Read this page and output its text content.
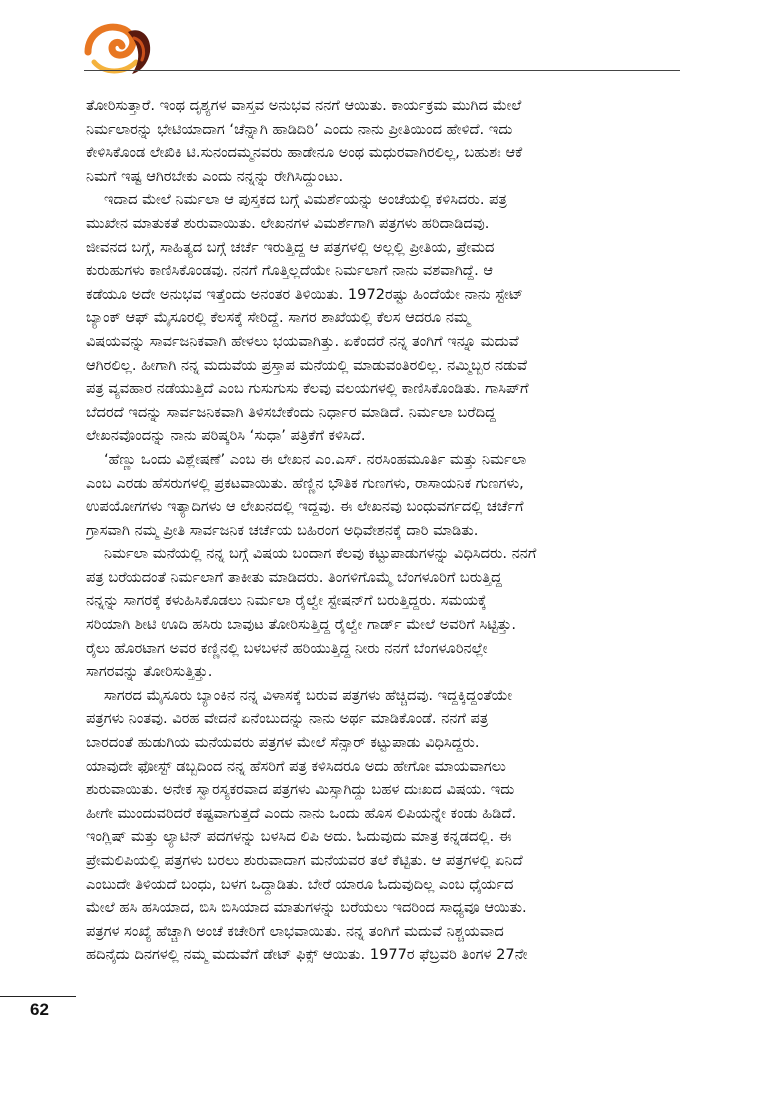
ತೋರಿಸುತ್ತಾರೆ. ಇಂಥ ದೃಶ್ಯಗಳ ವಾಸ್ತವ ಅನುಭವ ನನಗೆ ಆಯಿತು. ಕಾರ್ಯಕ್ರಮ ಮುಗಿದ ಮೇಲೆ
ನಿರ್ಮಲಾರನ್ನು ಭೇಟಿಯಾದಾಗ ‘ಚೆನ್ನಾಗಿ ಹಾಡಿದಿರಿ’ ಎಂದು ನಾನು ಪ್ರೀತಿಯಿಂದ ಹೇಳಿದೆ. ಇದು
ಕೇಳಿಸಿಕೊಂಡ ಲೇಖಿಕಿ ಟಿ.ಸುನಂದಮ್ಮನವರು ಹಾಡೇನೂ ಅಂಥ ಮಧುರವಾಗಿರಲಿಲ್ಲ, ಬಹುಶಃ ಆಕೆ
ನಿಮಗೆ ಇಷ್ಟ ಆಗಿರಬೇಕು ಎಂದು ನನ್ನನ್ನು ರೇಗಿಸಿದ್ದುಂಟು.

ಇದಾದ ಮೇಲೆ ನಿರ್ಮಲಾ ಆ ಪುಸ್ತಕದ ಬಗ್ಗೆ ವಿಮರ್ಶೆಯನ್ನು ಅಂಚೆಯಲ್ಲಿ ಕಳಿಸಿದರು. ಪತ್ರ
ಮುಖೇನ ಮಾತುಕತೆ ಶುರುವಾಯಿತು. ಲೇಖನಗಳ ವಿಮರ್ಶೆಗಾಗಿ ಪತ್ರಗಳು ಹರಿದಾಡಿದವು.
ಜೀವನದ ಬಗ್ಗೆ, ಸಾಹಿತ್ಯದ ಬಗ್ಗೆ ಚರ್ಚೆ ಇರುತ್ತಿದ್ದ ಆ ಪತ್ರಗಳಲ್ಲಿ ಅಲ್ಲಲ್ಲಿ ಪ್ರೀತಿಯ, ಪ್ರೇಮದ
ಕುರುಹುಗಳು ಕಾಣಿಸಿಕೊಂಡವು. ನನಗೆ ಗೊತ್ತಿಲ್ಲದೆಯೇ ನಿರ್ಮಲಾಗೆ ನಾನು ವಶವಾಗಿದ್ದೆ. ಆ
ಕಡೆಯೂ ಅದೇ ಅನುಭವ ಇತ್ತೆಂದು ಅನಂತರ ತಿಳಿಯಿತು. 1972ರಷ್ಟು ಹಿಂದೆಯೇ ನಾನು ಸ್ಟೇಟ್
ಬ್ಯಾಂಕ್ ಆಫ್ ಮೈಸೂರಲ್ಲಿ ಕೆಲಸಕ್ಕೆ ಸೇರಿದ್ದೆ. ಸಾಗರ ಶಾಖೆಯಲ್ಲಿ ಕೆಲಸ ಆದರೂ ನಮ್ಮ
ವಿಷಯವನ್ನು ಸಾರ್ವಜನಿಕವಾಗಿ ಹೇಳಲು ಭಯವಾಗಿತ್ತು. ಏಕೆಂದರೆ ನನ್ನ ತಂಗಿಗೆ ಇನ್ನೂ ಮದುವೆ
ಆಗಿರಲಿಲ್ಲ. ಹೀಗಾಗಿ ನನ್ನ ಮದುವೆಯ ಪ್ರಸ್ತಾಪ ಮನೆಯಲ್ಲಿ ಮಾಡುವಂತಿರಲಿಲ್ಲ. ನಮ್ಮಿಬ್ಬರ ನಡುವೆ
ಪತ್ರ ವ್ಯವಹಾರ ನಡೆಯುತ್ತಿದೆ ಎಂಬ ಗುಸುಗುಸು ಕೆಲವು ವಲಯಗಳಲ್ಲಿ ಕಾಣಿಸಿಕೊಂಡಿತು. ಗಾಸಿಪ್‌ಗೆ
ಬೆದರದೆ ಇದನ್ನು ಸಾರ್ವಜನಿಕವಾಗಿ ತಿಳಿಸಬೇಕೆಂದು ನಿರ್ಧಾರ ಮಾಡಿದೆ. ನಿರ್ಮಲಾ ಬರೆದಿದ್ದ
ಲೇಖನವೊಂದನ್ನು ನಾನು ಪರಿಷ್ಕರಿಸಿ ‘ಸುಧಾ’ ಪತ್ರಿಕೆಗೆ ಕಳಿಸಿದೆ.

‘ಹೆಣ್ಣು ಒಂದು ವಿಶ್ಲೇಷಣೆ’ ಎಂಬ ಈ ಲೇಖನ ಎಂ.ಎಸ್. ನರಸಿಂಹಮೂರ್ತಿ ಮತ್ತು ನಿರ್ಮಲಾ
ಎಂಬ ಎರಡು ಹೆಸರುಗಳಲ್ಲಿ ಪ್ರಕಟವಾಯಿತು. ಹೆಣ್ಣಿನ ಭೌತಿಕ ಗುಣಗಳು, ರಾಸಾಯನಿಕ ಗುಣಗಳು,
ಉಪಯೋಗಗಳು ಇತ್ಯಾದಿಗಳು ಆ ಲೇಖನದಲ್ಲಿ ಇದ್ದವು. ಈ ಲೇಖನವು ಬಂಧುವರ್ಗದಲ್ಲಿ ಚರ್ಚೆಗೆ
ಗ್ರಾಸವಾಗಿ ನಮ್ಮ ಪ್ರೀತಿ ಸಾರ್ವಜನಿಕ ಚರ್ಚೆಯ ಬಹಿರಂಗ ಅಧಿವೇಶನಕ್ಕೆ ದಾರಿ ಮಾಡಿತು.

ನಿರ್ಮಲಾ ಮನೆಯಲ್ಲಿ ನನ್ನ ಬಗ್ಗೆ ವಿಷಯ ಬಂದಾಗ ಕೆಲವು ಕಟ್ಟುಪಾಡುಗಳನ್ನು ವಿಧಿಸಿದರು. ನನಗೆ
ಪತ್ರ ಬರೆಯದಂತೆ ನಿರ್ಮಲಾಗೆ ತಾಕೀತು ಮಾಡಿದರು. ತಿಂಗಳಿಗೊಮ್ಮೆ ಬೆಂಗಳೂರಿಗೆ ಬರುತ್ತಿದ್ದ
ನನ್ನನ್ನು ಸಾಗರಕ್ಕೆ ಕಳುಹಿಸಿಕೊಡಲು ನಿರ್ಮಲಾ ರೈಲ್ವೇ ಸ್ಟೇಷನ್‌ಗೆ ಬರುತ್ತಿದ್ದರು. ಸಮಯಕ್ಕೆ
ಸರಿಯಾಗಿ ಶೀಟಿ ಊದಿ ಹಸಿರು ಬಾವುಟ ತೋರಿಸುತ್ತಿದ್ದ ರೈಲ್ವೇ ಗಾರ್ಡ್ ಮೇಲೆ ಅವರಿಗೆ ಸಿಟ್ಟಿತ್ತು.
ರೈಲು ಹೊರಟಾಗ ಅವರ ಕಣ್ಣಿನಲ್ಲಿ ಬಳಬಳನೆ ಹರಿಯುತ್ತಿದ್ದ ನೀರು ನನಗೆ ಬೆಂಗಳೂರಿನಲ್ಲೇ
ಸಾಗರವನ್ನು ತೋರಿಸುತ್ತಿತ್ತು.

ಸಾಗರದ ಮೈಸೂರು ಬ್ಯಾಂಕಿನ ನನ್ನ ವಿಳಾಸಕ್ಕೆ ಬರುವ ಪತ್ರಗಳು ಹೆಚ್ಚಿದವು. ಇದ್ದಕ್ಕಿದ್ದಂತೆಯೇ
ಪತ್ರಗಳು ನಿಂತವು. ವಿರಹ ವೇದನೆ ಏನೆಂಬುದನ್ನು ನಾನು ಅರ್ಥ ಮಾಡಿಕೊಂಡೆ. ನನಗೆ ಪತ್ರ
ಬಾರದಂತೆ ಹುಡುಗಿಯ ಮನೆಯವರು ಪತ್ರಗಳ ಮೇಲೆ ಸೆನ್ಸಾರ್ ಕಟ್ಟುಪಾಡು ವಿಧಿಸಿದ್ದರು.
ಯಾವುದೇ ಫೋಸ್ಟ್ ಡಬ್ಬದಿಂದ ನನ್ನ ಹೆಸರಿಗೆ ಪತ್ರ ಕಳಿಸಿದರೂ ಅದು ಹೇಗೋ ಮಾಯವಾಗಲು
ಶುರುವಾಯಿತು. ಅನೇಕ ಸ್ವಾರಸ್ಯಕರವಾದ ಪತ್ರಗಳು ಮಿಸ್ಸಾಗಿದ್ದು ಬಹಳ ದುಃಖದ ವಿಷಯ. ಇದು
ಹೀಗೇ ಮುಂದುವರಿದರೆ ಕಷ್ಟವಾಗುತ್ತದೆ ಎಂದು ನಾನು ಒಂದು ಹೊಸ ಲಿಪಿಯನ್ನೇ ಕಂಡು ಹಿಡಿದೆ.
ಇಂಗ್ಲಿಷ್ ಮತ್ತು ಲ್ಯಾಟಿನ್ ಪದಗಳನ್ನು ಬಳಸಿದ ಲಿಪಿ ಅದು. ಓದುವುದು ಮಾತ್ರ ಕನ್ನಡದಲ್ಲಿ. ಈ
ಪ್ರೇಮಲಿಪಿಯಲ್ಲಿ ಪತ್ರಗಳು ಬರಲು ಶುರುವಾದಾಗ ಮನೆಯವರ ತಲೆ ಕೆಟ್ಟಿತು. ಆ ಪತ್ರಗಳಲ್ಲಿ ಏನಿದೆ
ಎಂಬುದೇ ತಿಳಿಯದೆ ಬಂಧು, ಬಳಗ ಒದ್ದಾಡಿತು. ಬೇರೆ ಯಾರೂ ಓದುವುದಿಲ್ಲ ಎಂಬ ಧೈರ್ಯದ
ಮೇಲೆ ಹಸಿ ಹಸಿಯಾದ, ಬಿಸಿ ಬಿಸಿಯಾದ ಮಾತುಗಳನ್ನು ಬರೆಯಲು ಇದರಿಂದ ಸಾಧ್ಯವೂ ಆಯಿತು.
ಪತ್ರಗಳ ಸಂಖ್ಯೆ ಹೆಚ್ಚಾಗಿ ಅಂಚೆ ಕಚೇರಿಗೆ ಲಾಭವಾಯಿತು. ನನ್ನ ತಂಗಿಗೆ ಮದುವೆ ನಿಶ್ಚಯವಾದ
ಹದಿನೈದು ದಿನಗಳಲ್ಲಿ ನಮ್ಮ ಮದುವೆಗೆ ಡೇಟ್ ಫಿಕ್ಸ್ ಆಯಿತು. 1977ರ ಫೆಬ್ರವರಿ ತಿಂಗಳ 27ನೇ

62
